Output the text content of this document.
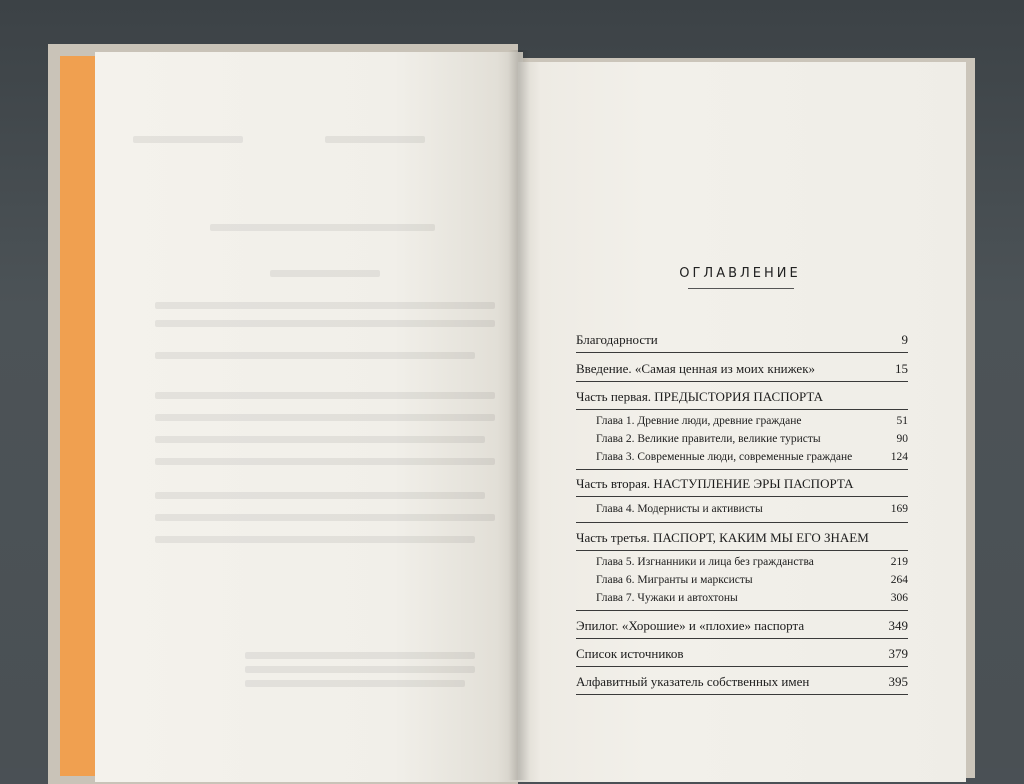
ОГЛАВЛЕНИЕ
Благодарности	9
Введение. «Самая ценная из моих книжек»	15
Часть первая. ПРЕДЫСТОРИЯ ПАСПОРТА
Глава 1. Древние люди, древние граждане	51
Глава 2. Великие правители, великие туристы	90
Глава 3. Современные люди, современные граждане	124
Часть вторая. НАСТУПЛЕНИЕ ЭРЫ ПАСПОРТА
Глава 4. Модернисты и активисты	169
Часть третья. ПАСПОРТ, КАКИМ МЫ ЕГО ЗНАЕМ
Глава 5. Изгнанники и лица без гражданства	219
Глава 6. Мигранты и марксисты	264
Глава 7. Чужаки и автохтоны	306
Эпилог. «Хорошие» и «плохие» паспорта	349
Список источников	379
Алфавитный указатель собственных имен	395
